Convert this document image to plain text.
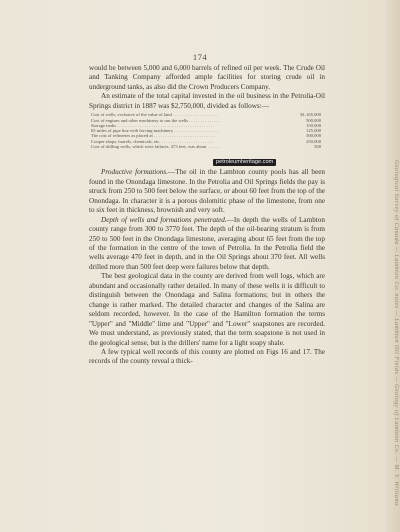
Geological Survey of Canada — Lambton Co. notes — Lambton Oil Fields — Geology of Lambton Co. — M. Y. Williams
174

would be between 5,000 and 6,000 barrels of refined oil per week. The Crude Oil and Tanking Company afforded ample facilities for storing crude oil in underground tanks, as also did the Crown Producers Company.

An estimate of the total capital invested in the oil business in the Petrolia-Oil Springs district in 1887 was $2,750,000, divided as follows:—

Cost of wells, exclusive of the value of land . . . . . . . . . . . . . . . . . . . .	$1,165,000
Cost of engines and other machinery to run the wells . . . . . . . . . . . . . .	500,000
Storage tanks . . . . . . . . . . . . . . . . . . . . . . . . . . . . . . . . . . . . . . . . . .	150,000
65 miles of pipe line with forcing machinery . . . . . . . . . . . . . . . . . . . .	125,000
The cost of refineries as placed at . . . . . . . . . . . . . . . . . . . . . . . . . . .	500,000
Cooper shops, barrels, chemicals, etc. . . . . . . . . . . . . . . . . . . . . . . .	250,000
Cost of drilling wells, which were failures, 473 feet, was about . . . . . .	500
petroleumheritage.com

Productive formations.—The oil in the Lambton county pools has all been found in the Onondaga limestone. In the Petrolia and Oil Springs fields the pay is struck from 250 to 500 feet below the surface, or about 60 feet from the top of the Onondaga. In character it is a porous dolomitic phase of the limestone, from one to six feet in thickness, brownish and very soft.

Depth of wells and formations penetrated.—In depth the wells of Lambton county range from 300 to 3770 feet. The depth of the oil-bearing stratum is from 250 to 500 feet in the Onondaga limestone, averaging about 65 feet from the top of the formation in the centre of the town of Petrolia. In the Petrolia field the wells average 470 feet in depth, and in the Oil Springs about 370 feet. All wells drilled more than 500 feet deep were failures below that depth.

The best geological data in the county are derived from well logs, which are abundant and occasionally rather detailed. In many of these wells it is difficult to distinguish between the Onondaga and Salina formations; but in others the change is rather marked. The detailed character and changes of the Salina are seldom recorded, however. In the case of the Hamilton formation the terms "Upper" and "Middle" lime and "Upper" and "Lower" soapstones are recorded. We must understand, as previously stated, that the term soapstone is not used in the geological sense, but is the drillers' name for a light soapy shale.

A few typical well records of this county are plotted on Figs 16 and 17. The records of the county reveal a thick-
